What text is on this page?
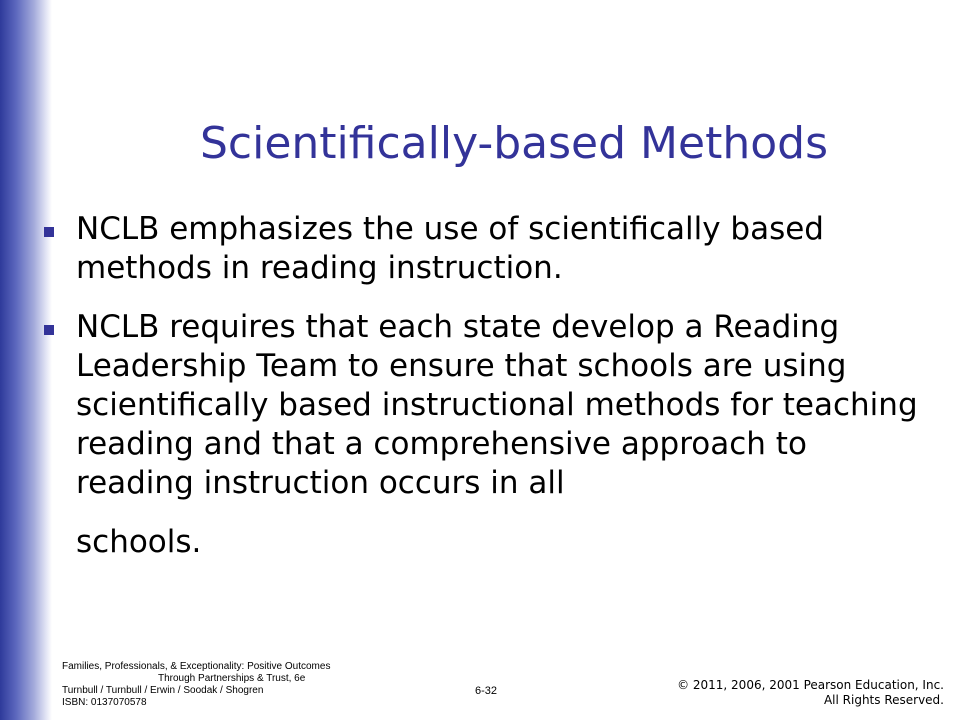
Scientifically-based Methods
NCLB emphasizes the use of scientifically based methods in reading instruction.
NCLB requires that each state develop a Reading Leadership Team to ensure that schools are using scientifically based instructional methods for teaching reading and that a comprehensive approach to reading instruction occurs in all
schools.
Families, Professionals, & Exceptionality: Positive Outcomes
Through Partnerships & Trust, 6e
Turnbull / Turnbull / Erwin / Soodak / Shogren
ISBN: 0137070578
6-32	© 2011, 2006, 2001 Pearson Education, Inc.
All Rights Reserved.
